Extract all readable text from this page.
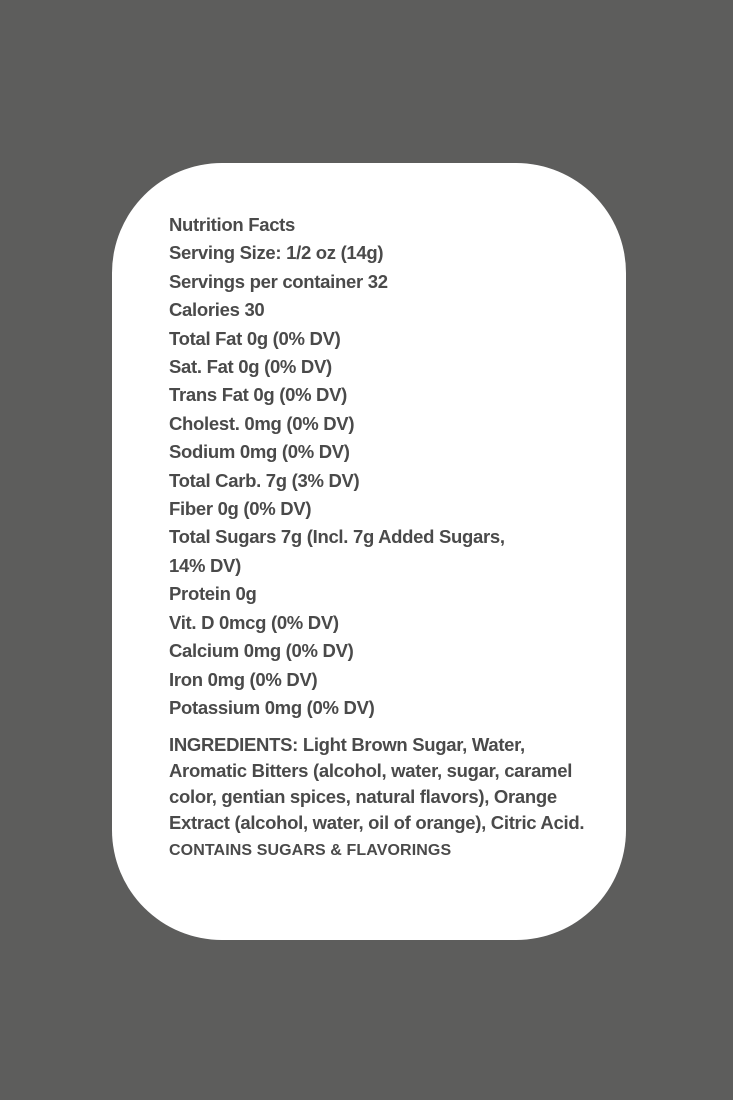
Nutrition Facts
Serving Size: 1/2 oz (14g)
Servings per container 32
Calories 30
Total Fat 0g (0% DV)
Sat. Fat 0g (0% DV)
Trans Fat 0g (0% DV)
Cholest. 0mg (0% DV)
Sodium 0mg (0% DV)
Total Carb. 7g (3% DV)
Fiber 0g (0% DV)
Total Sugars 7g (Incl. 7g Added Sugars, 14% DV)
Protein 0g
Vit. D 0mcg (0% DV)
Calcium 0mg (0% DV)
Iron 0mg (0% DV)
Potassium 0mg (0% DV)
INGREDIENTS: Light Brown Sugar, Water, Aromatic Bitters (alcohol, water, sugar, caramel color, gentian spices, natural flavors), Orange Extract (alcohol, water, oil of orange), Citric Acid.
CONTAINS SUGARS & FLAVORINGS
